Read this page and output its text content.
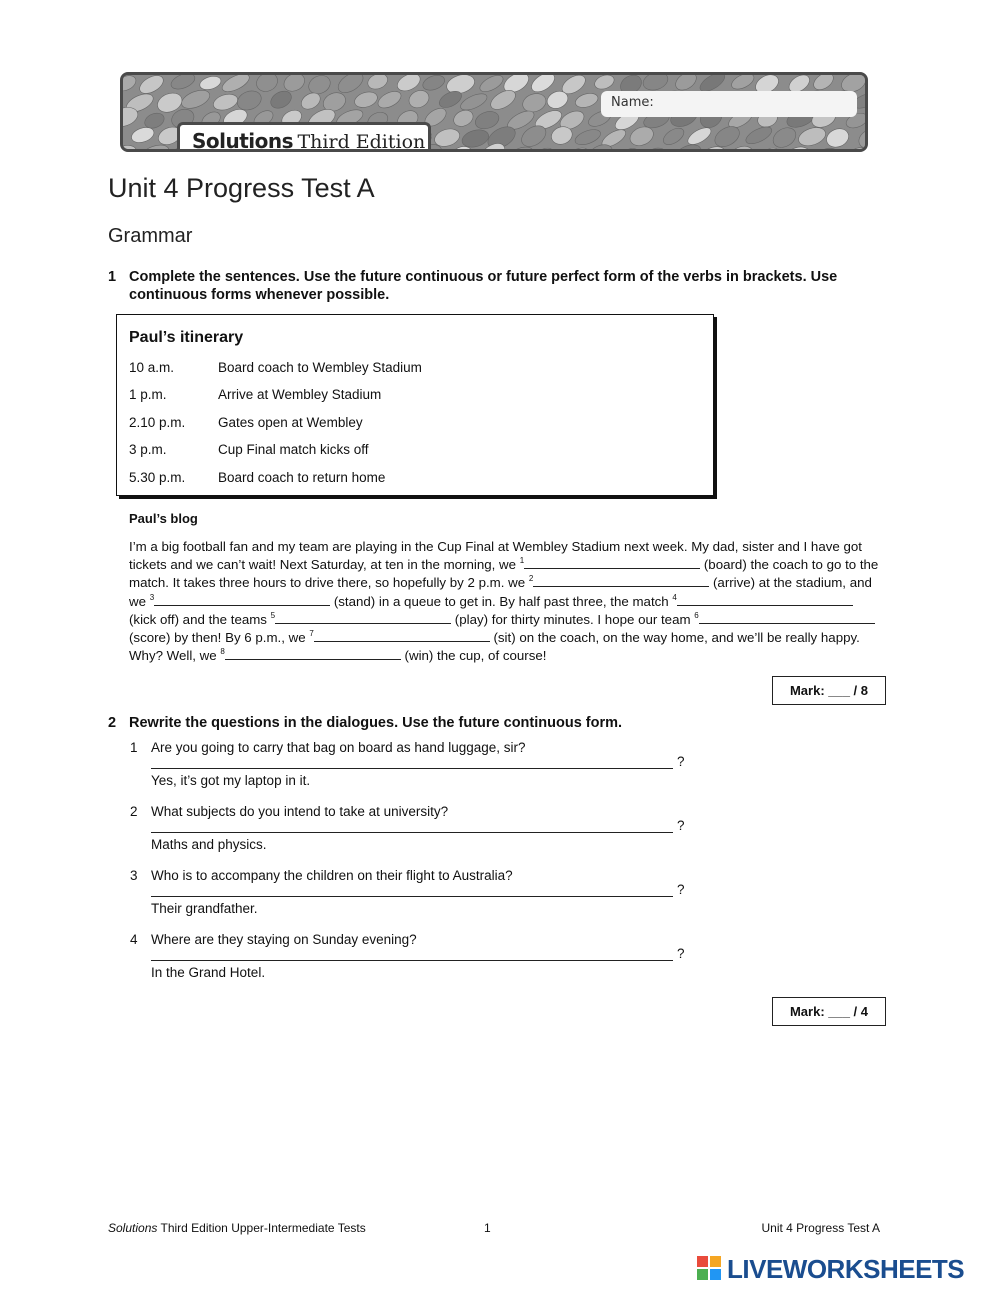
Name:
Solutions Third Edition
Unit 4 Progress Test A
Grammar
1 Complete the sentences. Use the future continuous or future perfect form of the verbs in brackets. Use continuous forms whenever possible.
Paul’s itinerary
10 a.m.	Board coach to Wembley Stadium
1 p.m.	Arrive at Wembley Stadium
2.10 p.m. Gates open at Wembley
3 p.m.	Cup Final match kicks off
5.30 p.m. Board coach to return home
Paul’s blog
I’m a big football fan and my team are playing in the Cup Final at Wembley Stadium next week. My dad, sister and I have got tickets and we can’t wait! Next Saturday, at ten in the morning, we $^1$	(board) the coach to go to the match. It takes three hours to drive there, so hopefully by 2 p.m. we $^2$	(arrive) at the stadium, and we $^3$	(stand) in a queue to get in. By half past three, the match $^4$ (kick off) and the teams $^5$	(play) for thirty minutes. I hope our team $^6$ (score) by then! By 6 p.m., we $^7$	(sit) on the coach, on the way home, and we’ll be really happy. Why? Well, we $^8$	(win) the cup, of course!
Mark: ___ / 8
2 Rewrite the questions in the dialogues. Use the future continuous form.
1 Are you going to carry that bag on board as hand luggage, sir?
?
Yes, it’s got my laptop in it.
2 What subjects do you intend to take at university?
?
Maths and physics.
3 Who is to accompany the children on their flight to Australia?
?
Their grandfather.
4 Where are they staying on Sunday evening?
?
In the Grand Hotel.
Mark: ___ / 4
Solutions Third Edition Upper-Intermediate Tests	1	Unit 4 Progress Test A
LIVEWORKSHEETS
